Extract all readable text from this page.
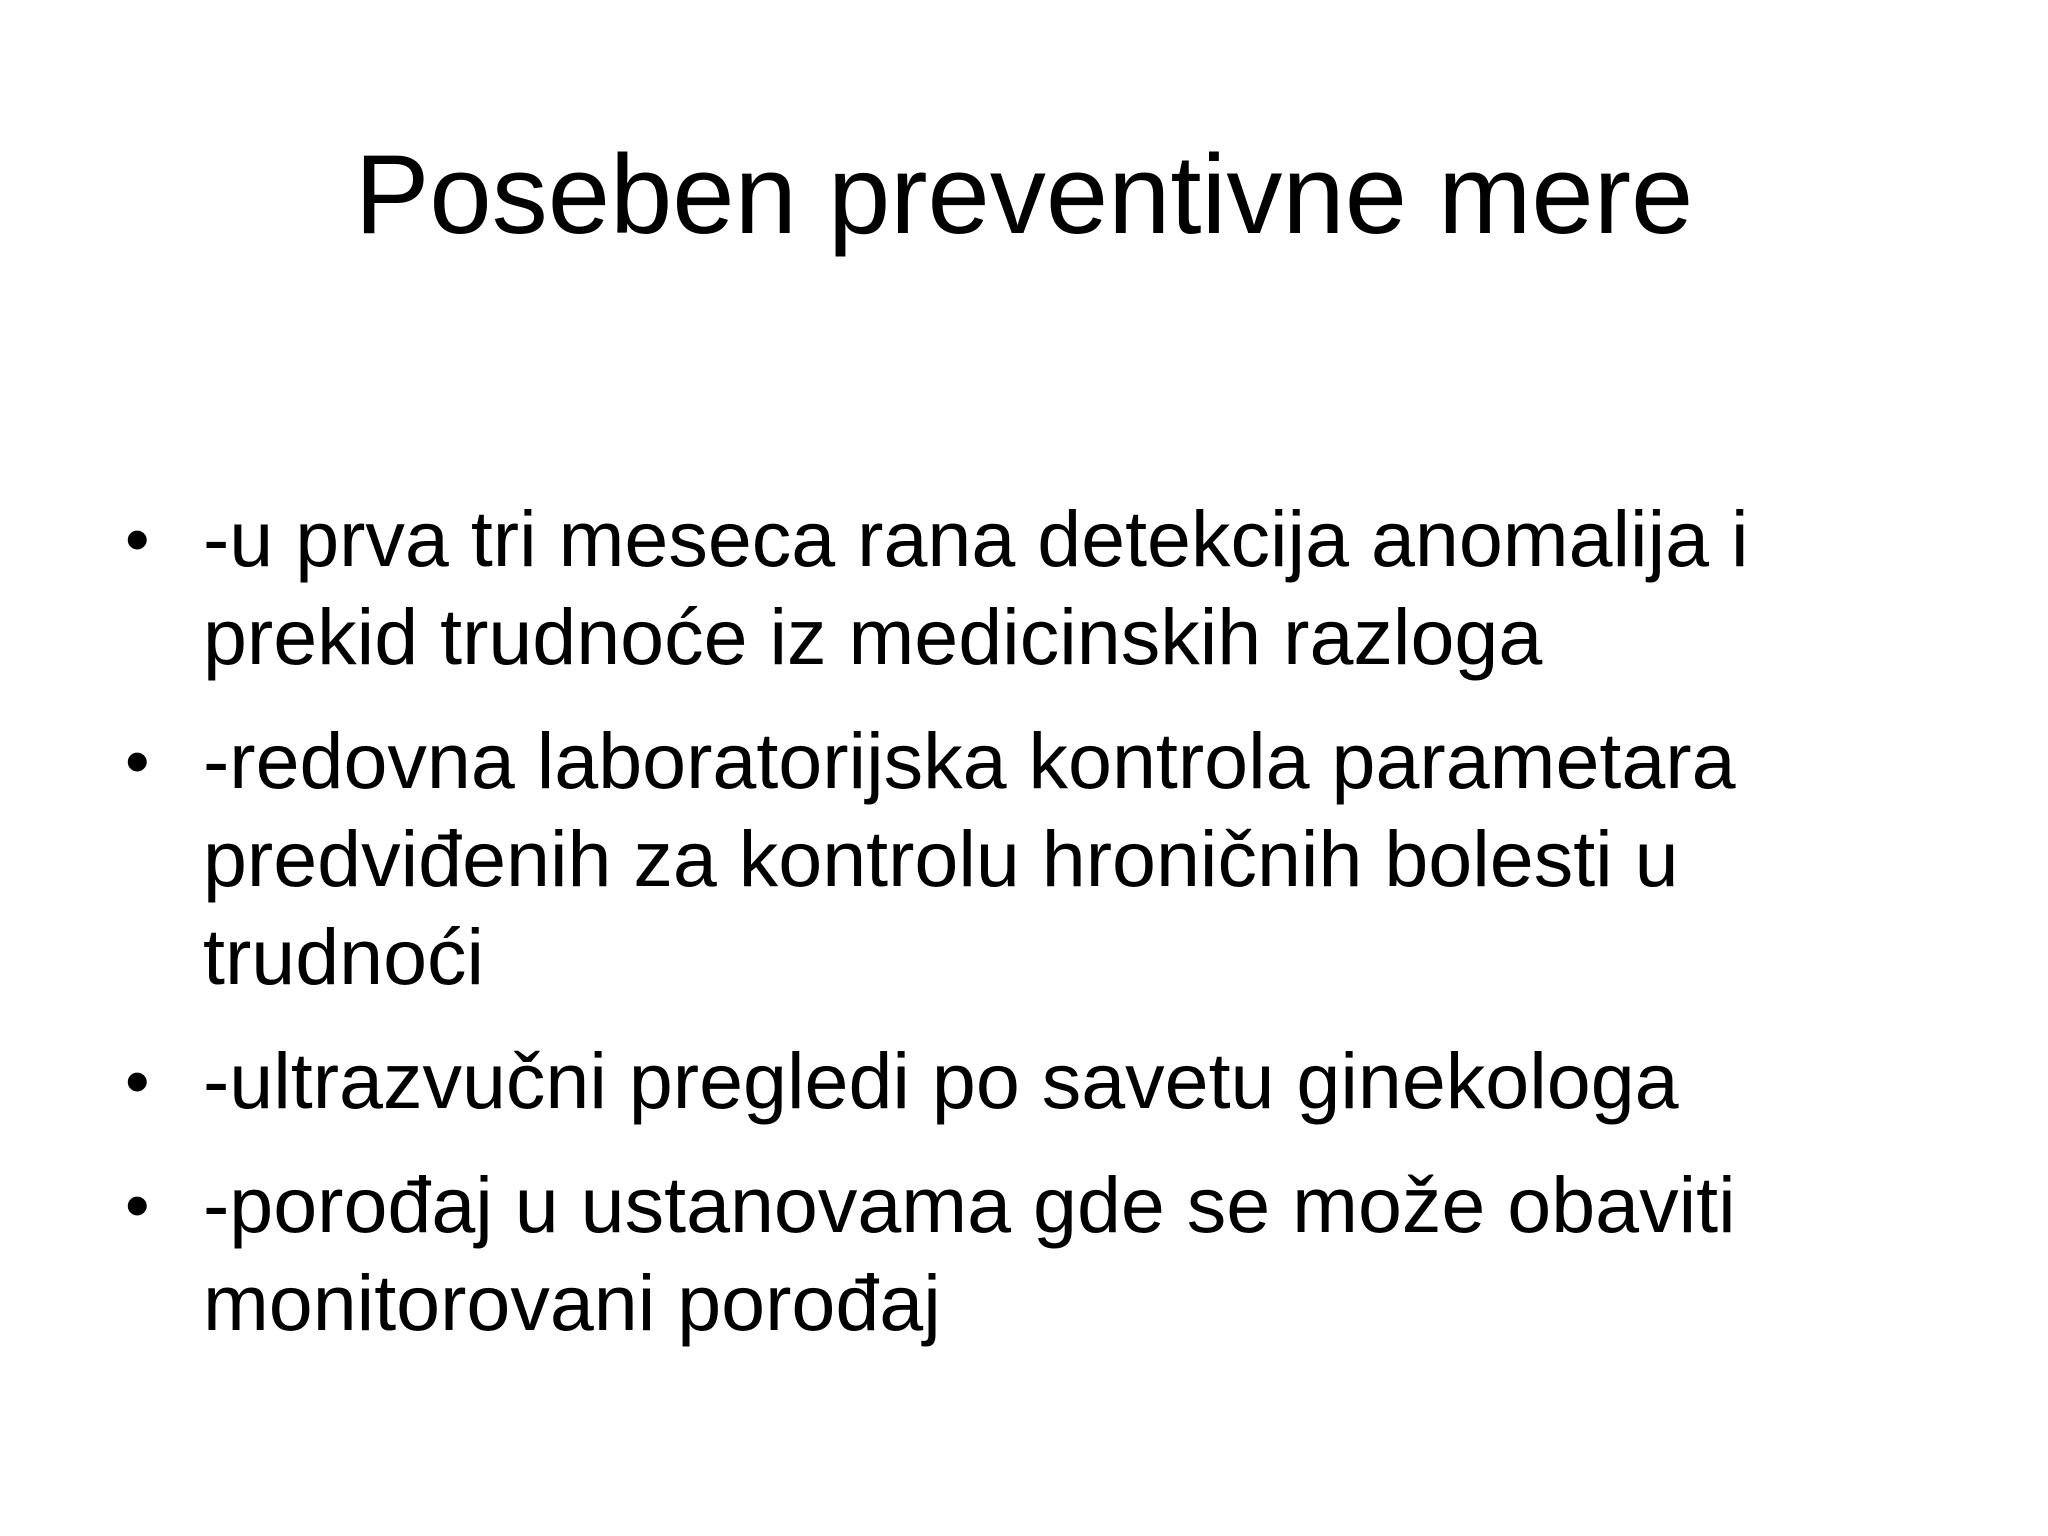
Poseben preventivne mere
• -u prva tri meseca rana detekcija anomalija i prekid trudnoće iz medicinskih razloga
• -redovna laboratorijska kontrola parametara predviđenih za kontrolu hroničnih bolesti u trudnoći
• -ultrazvučni pregledi po savetu ginekologa
• -porođaj u ustanovama gde se može obaviti monitorovani porođaj
